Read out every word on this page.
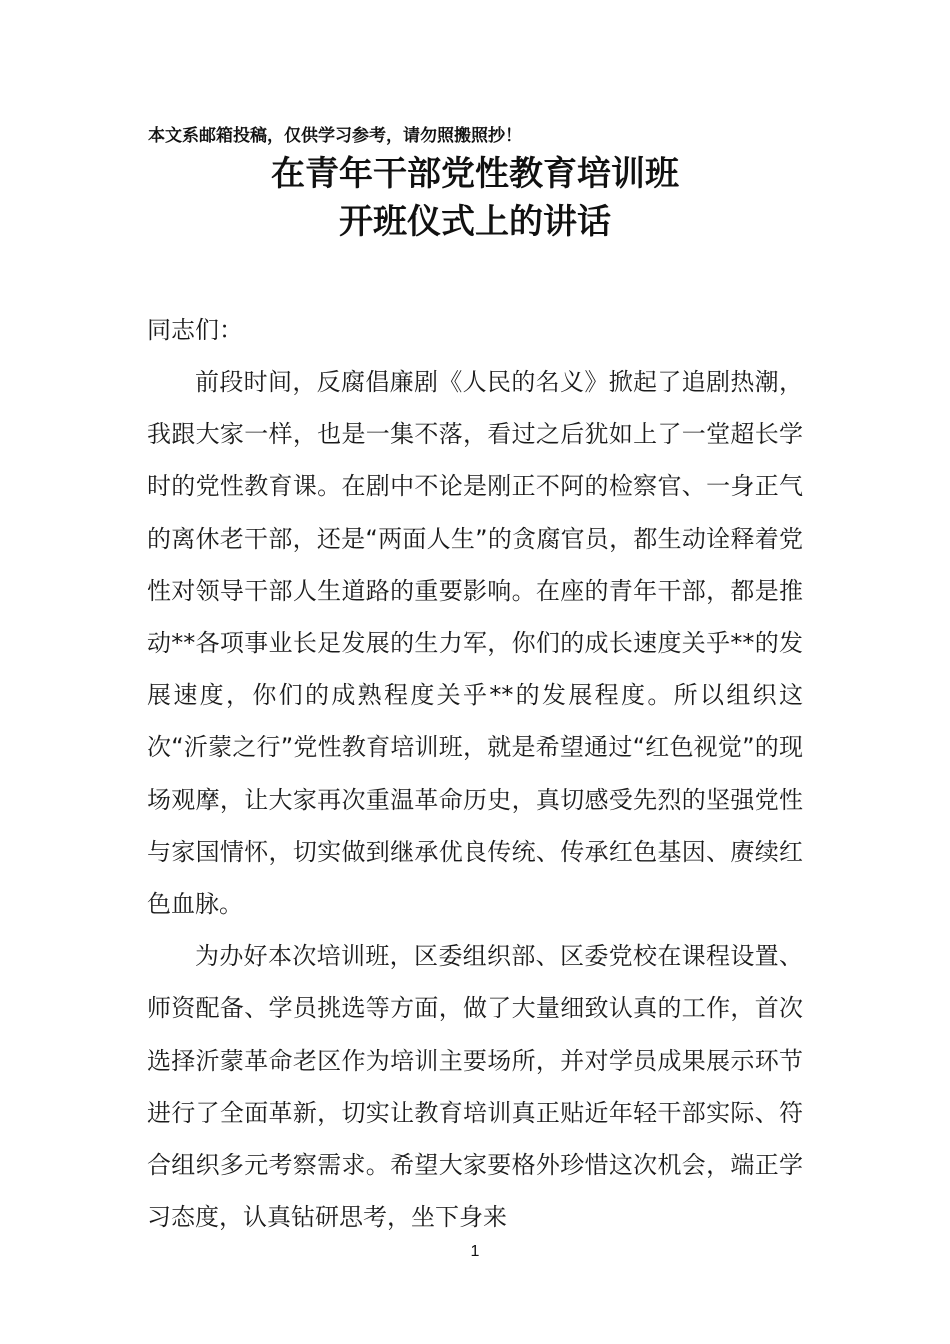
本文系邮箱投稿，仅供学习参考，请勿照搬照抄！
在青年干部党性教育培训班
开班仪式上的讲话
同志们：

前段时间，反腐倡廉剧《人民的名义》掀起了追剧热潮，我跟大家一样，也是一集不落，看过之后犹如上了一堂超长学时的党性教育课。在剧中不论是刚正不阿的检察官、一身正气的离休老干部，还是“两面人生”的贪腐官员，都生动诠释着党性对领导干部人生道路的重要影响。在座的青年干部，都是推动**各项事业长足发展的生力军，你们的成长速度关乎**的发展速度，你们的成熟程度关乎**的发展程度。所以组织这次“沂蒙之行”党性教育培训班，就是希望通过“红色视觉”的现场观摩，让大家再次重温革命历史，真切感受先烈的坚强党性与家国情怀，切实做到继承优良传统、传承红色基因、赓续红色血脉。

为办好本次培训班，区委组织部、区委党校在课程设置、师资配备、学员挑选等方面，做了大量细致认真的工作，首次选择沂蒙革命老区作为培训主要场所，并对学员成果展示环节进行了全面革新，切实让教育培训真正贴近年轻干部实际、符合组织多元考察需求。希望大家要格外珍惜这次机会，端正学习态度，认真钻研思考，坐下身来

1
